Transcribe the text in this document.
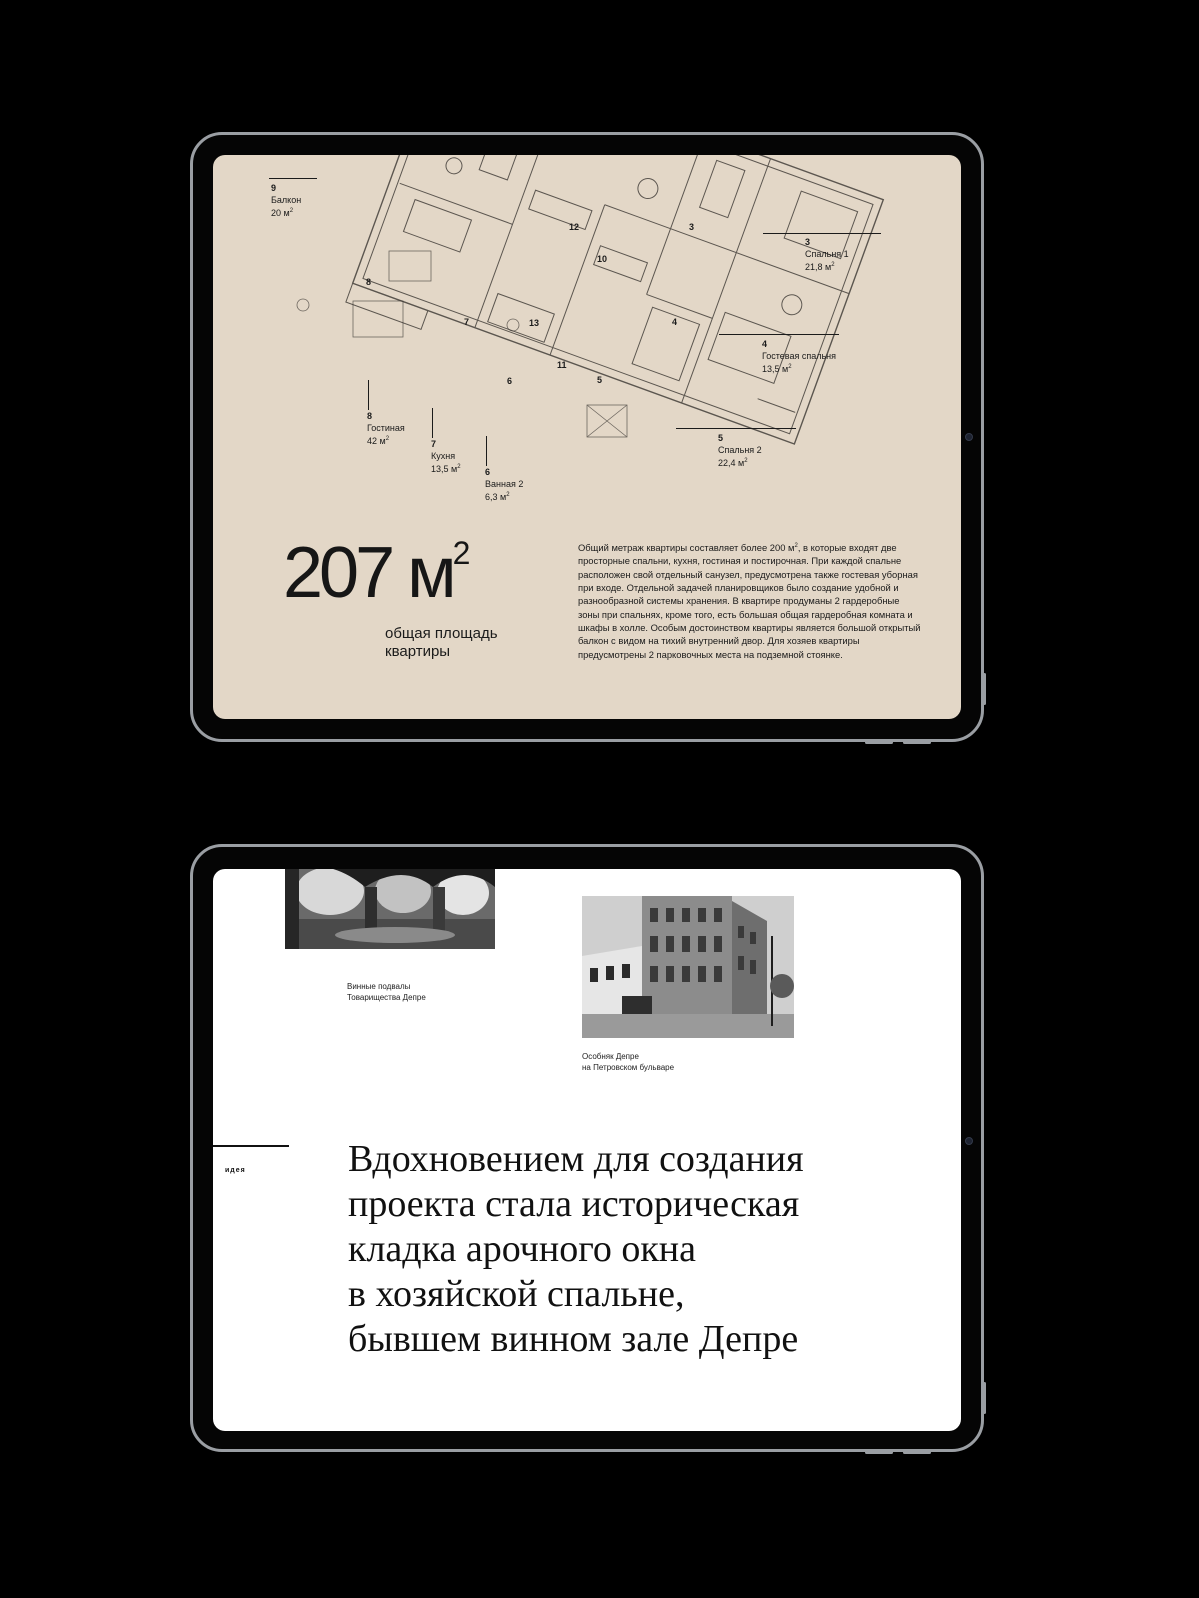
12	3
10
8
7	13	4
11
6	5
9
Балкон
20 $м^2$
3
Спальня 1
21,8 $м^2$
4
Гостевая спальня
13,5 $м^2$
5
Спальня 2
22,4 $м^2$
8
Гостиная
42 $м^2$	7
Кухня
13,5 $м^2$	6
Ванная 2
6,3 $м^2$
207 $м^2$
общая площадь квартиры
Общий метраж квартиры составляет более 200 $м^2$, в которые входят две просторные спальни, кухня, гостиная и постирочная. При каждой спальне расположен свой отдельный санузел, предусмотрена также гостевая уборная при входе. Отдельной задачей планировщиков было создание удобной и разнообразной системы хранения. В квартире продуманы 2 гардеробные зоны при спальнях, кроме того, есть большая общая гардеробная комната и шкафы в холле. Особым достоинством квартиры является большой открытый балкон с видом на тихий внутренний двор. Для хозяев квартиры предусмотрены 2 парковочных места на подземной стоянке.
Винные подвалы
Товарищества Депре
Особняк Депре
на Петровском бульваре
идея	Вдохновением для создания
проекта стала историческая
кладка арочного окна
в хозяйской спальне,
бывшем винном зале Депре
